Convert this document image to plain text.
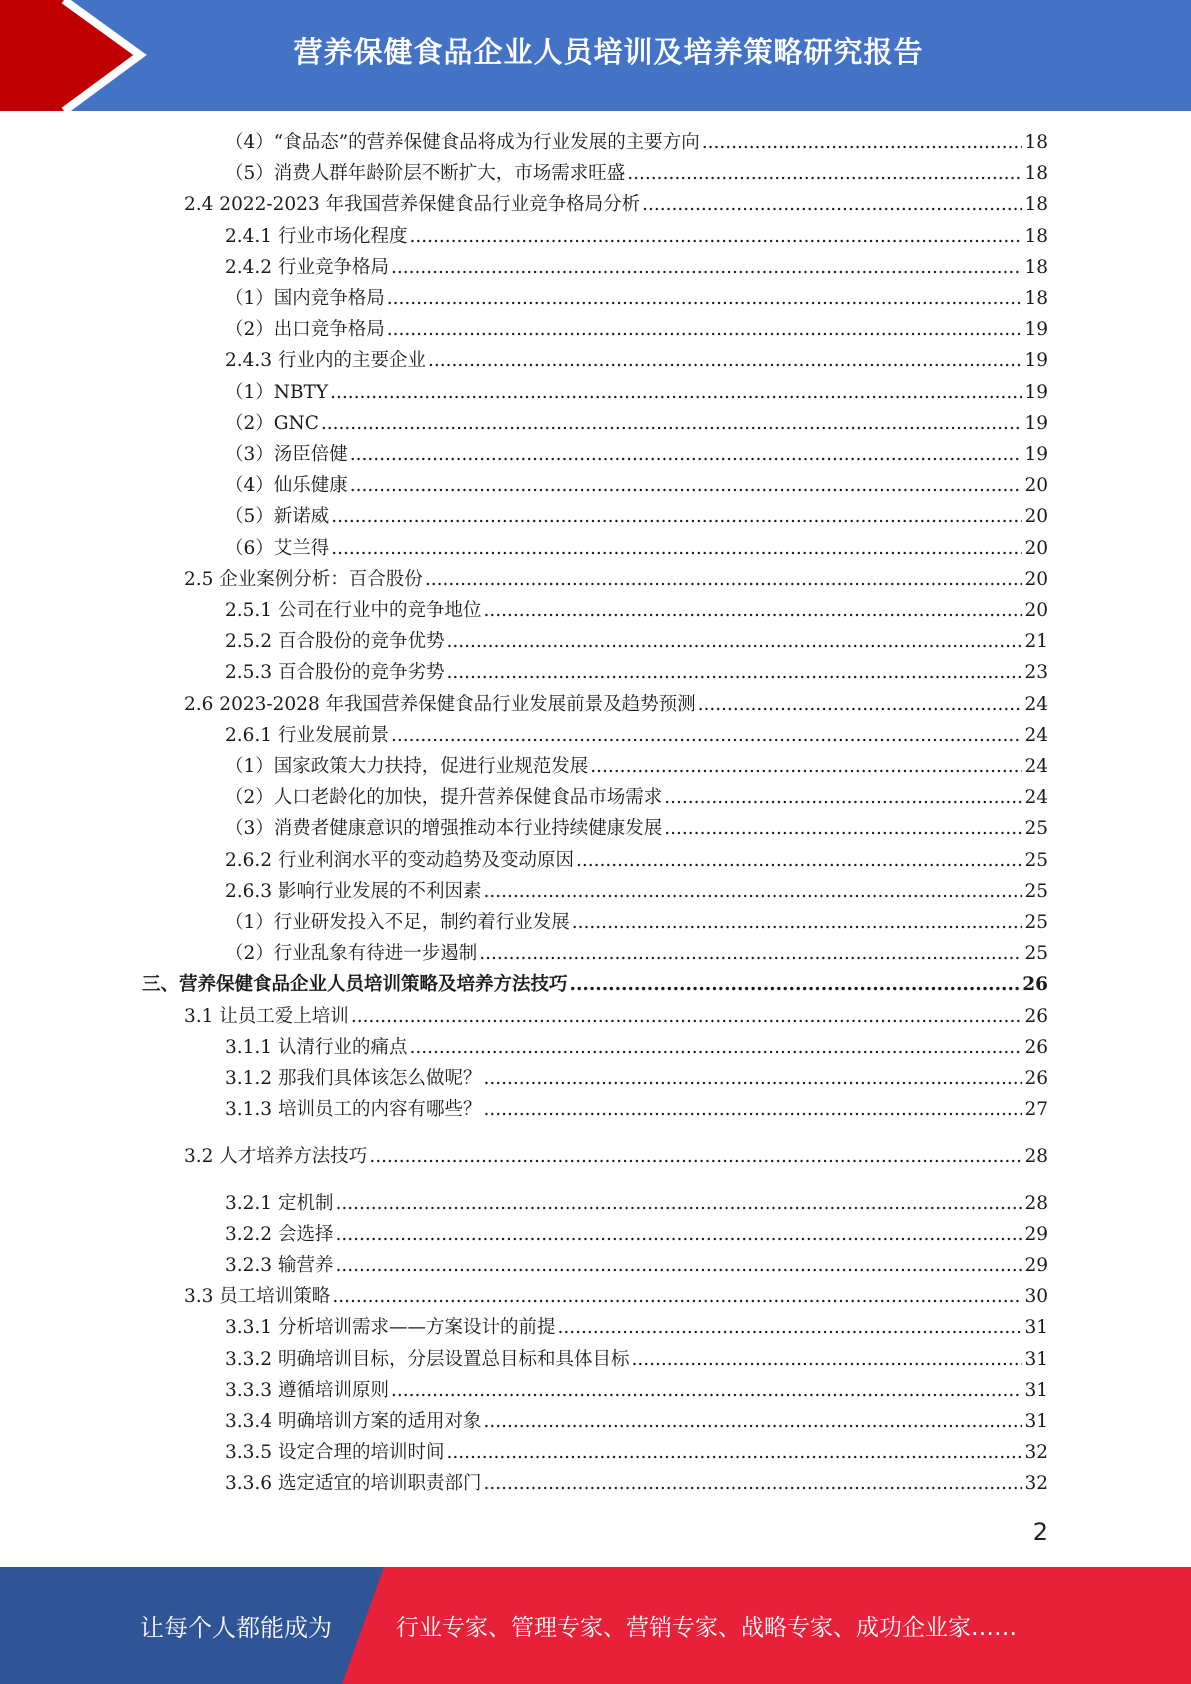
营养保健食品企业人员培训及培养策略研究报告
（4）“食品态”的营养保健食品将成为行业发展的主要方向 .....	18
（5）消费人群年龄阶层不断扩大，市场需求旺盛 .....	18
2.4 2022-2023 年我国营养保健食品行业竞争格局分析 .....	18
2.4.1 行业市场化程度 .....	18
2.4.2 行业竞争格局 .....	18
（1）国内竞争格局 .....	18
（2）出口竞争格局 .....	19
2.4.3 行业内的主要企业 .....	19
（1）NBTY .....	19
（2）GNC .....	19
（3）汤臣倍健 .....	19
（4）仙乐健康 .....	20
（5）新诺威 .....	20
（6）艾兰得 .....	20
2.5 企业案例分析：百合股份 .....	20
2.5.1 公司在行业中的竞争地位 .....	20
2.5.2 百合股份的竞争优势 .....	21
2.5.3 百合股份的竞争劣势 .....	23
2.6 2023-2028 年我国营养保健食品行业发展前景及趋势预测 .....	24
2.6.1 行业发展前景 .....	24
（1）国家政策大力扶持，促进行业规范发展 .....	24
（2）人口老龄化的加快，提升营养保健食品市场需求 .....	24
（3）消费者健康意识的增强推动本行业持续健康发展 .....	25
2.6.2 行业利润水平的变动趋势及变动原因 .....	25
2.6.3 影响行业发展的不利因素 .....	25
（1）行业研发投入不足，制约着行业发展 .....	25
（2）行业乱象有待进一步遏制 .....	25
三、营养保健食品企业人员培训策略及培养方法技巧 .....	26
3.1 让员工爱上培训 .....	26
3.1.1 认清行业的痛点 .....	26
3.1.2 那我们具体该怎么做呢？ .....	26
3.1.3 培训员工的内容有哪些？ .....	27
3.2 人才培养方法技巧 .....	28
3.2.1 定机制 .....	28
3.2.2 会选择 .....	29
3.2.3 输营养 .....	29
3.3 员工培训策略 .....	30
3.3.1 分析培训需求——方案设计的前提 .....	31
3.3.2 明确培训目标，分层设置总目标和具体目标 .....	31
3.3.3 遵循培训原则 .....	31
3.3.4 明确培训方案的适用对象 .....	31
3.3.5 设定合理的培训时间 .....	32
3.3.6 选定适宜的培训职责部门 .....	32
2
让每个人都能成为	行业专家、管理专家、营销专家、战略专家、成功企业家……
